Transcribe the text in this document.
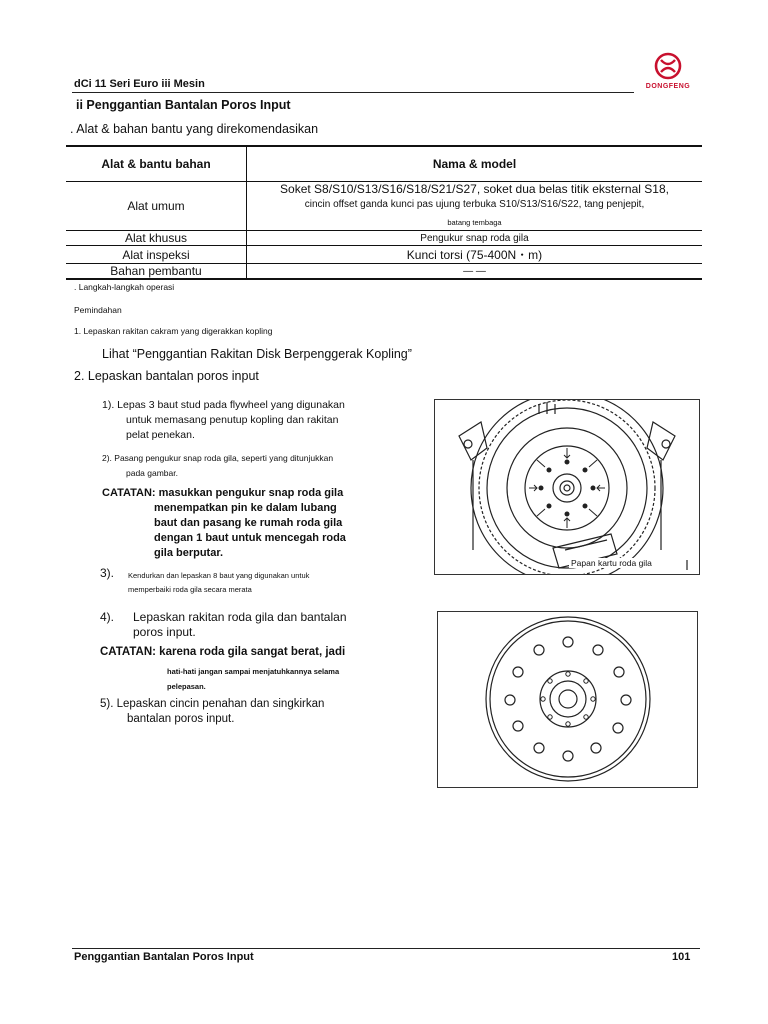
dCi 11 Seri Euro iii Mesin	DONGFENG
ii Penggantian Bantalan Poros Input
. Alat & bahan bantu yang direkomendasikan
Alat & bantu bahan	Nama & model
Alat umum	Soket S8/S10/S13/S16/S18/S21/S27, soket dua belas titik eksternal S18,
cincin offset ganda kunci pas ujung terbuka S10/S13/S16/S22, tang penjepit,
batang tembaga

Alat khusus	Pengukur snap roda gila
Alat inspeksi	Kunci torsi (75-400N・m)
Bahan pembantu	— —
. Langkah-langkah operasi
Pemindahan
1. Lepaskan rakitan cakram yang digerakkan kopling
Lihat “Penggantian Rakitan Disk Berpenggerak Kopling”
2. Lepaskan bantalan poros input
1). Lepas 3 baut stud pada flywheel yang digunakan
untuk memasang penutup kopling dan rakitan
pelat penekan.
2). Pasang pengukur snap roda gila, seperti yang ditunjukkan
pada gambar.
CATATAN: masukkan pengukur snap roda gila
menempatkan pin ke dalam lubang
baut dan pasang ke rumah roda gila
dengan 1 baut untuk mencegah roda
gila berputar.
3). Kendurkan dan lepaskan 8 baut yang digunakan untuk
memperbaiki roda gila secara merata
4). Lepaskan rakitan roda gila dan bantalan
poros input.
CATATAN: karena roda gila sangat berat, jadi
hati-hati jangan sampai menjatuhkannya selama
pelepasan.
5). Lepaskan cincin penahan dan singkirkan
bantalan poros input.
Papan kartu roda gila
Penggantian Bantalan Poros Input	101
